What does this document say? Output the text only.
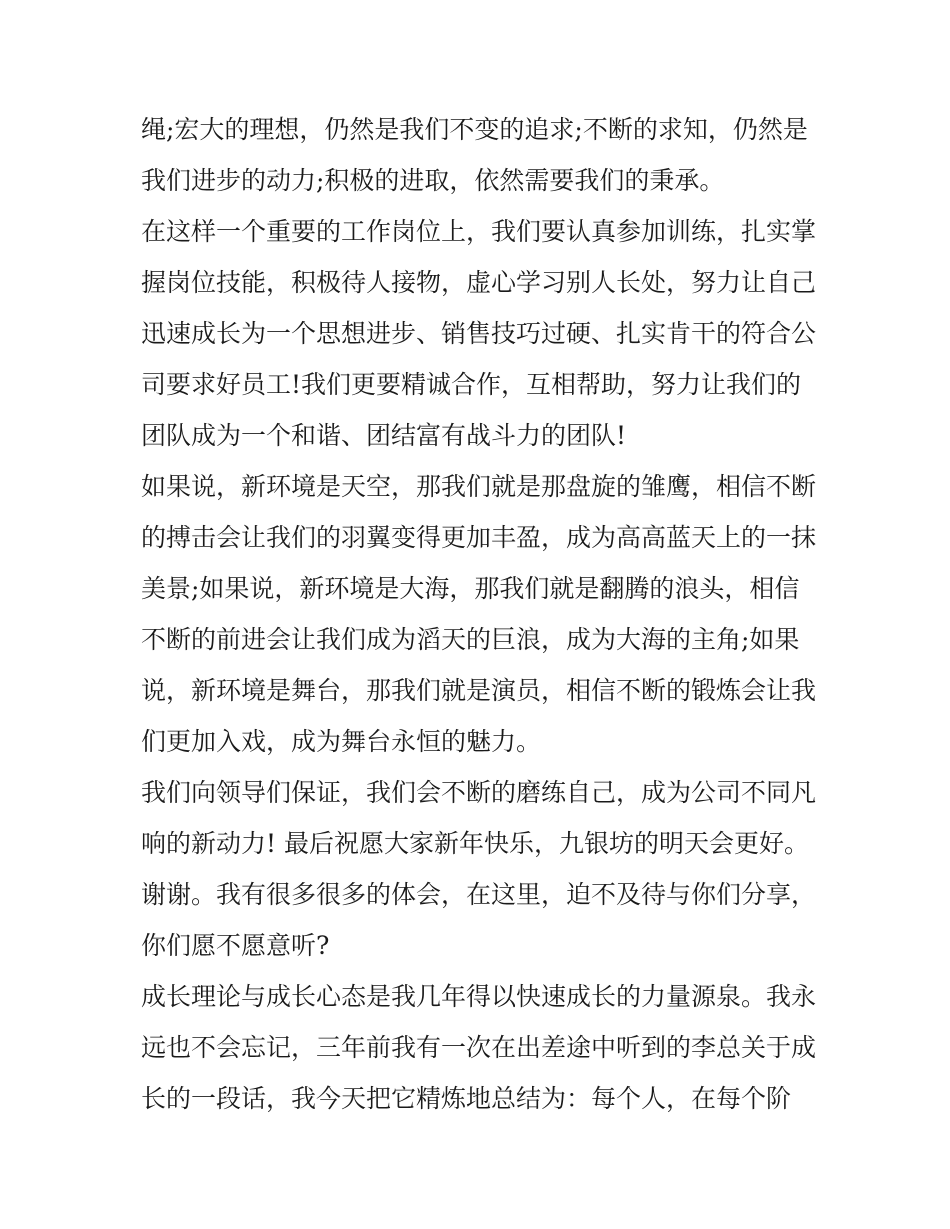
绳;宏大的理想，仍然是我们不变的追求;不断的求知，仍然是
我们进步的动力;积极的进取，依然需要我们的秉承。
在这样一个重要的工作岗位上，我们要认真参加训练，扎实掌
握岗位技能，积极待人接物，虚心学习别人长处，努力让自己
迅速成长为一个思想进步、销售技巧过硬、扎实肯干的符合公
司要求好员工!我们更要精诚合作，互相帮助，努力让我们的
团队成为一个和谐、团结富有战斗力的团队!
如果说，新环境是天空，那我们就是那盘旋的雏鹰，相信不断
的搏击会让我们的羽翼变得更加丰盈，成为高高蓝天上的一抹
美景;如果说，新环境是大海，那我们就是翻腾的浪头，相信
不断的前进会让我们成为滔天的巨浪，成为大海的主角;如果
说，新环境是舞台，那我们就是演员，相信不断的锻炼会让我
们更加入戏，成为舞台永恒的魅力。
我们向领导们保证，我们会不断的磨练自己，成为公司不同凡
响的新动力! 最后祝愿大家新年快乐，九银坊的明天会更好。
谢谢。我有很多很多的体会，在这里，迫不及待与你们分享，
你们愿不愿意听?
成长理论与成长心态是我几年得以快速成长的力量源泉。我永
远也不会忘记，三年前我有一次在出差途中听到的李总关于成
长的一段话，我今天把它精炼地总结为：每个人，在每个阶
